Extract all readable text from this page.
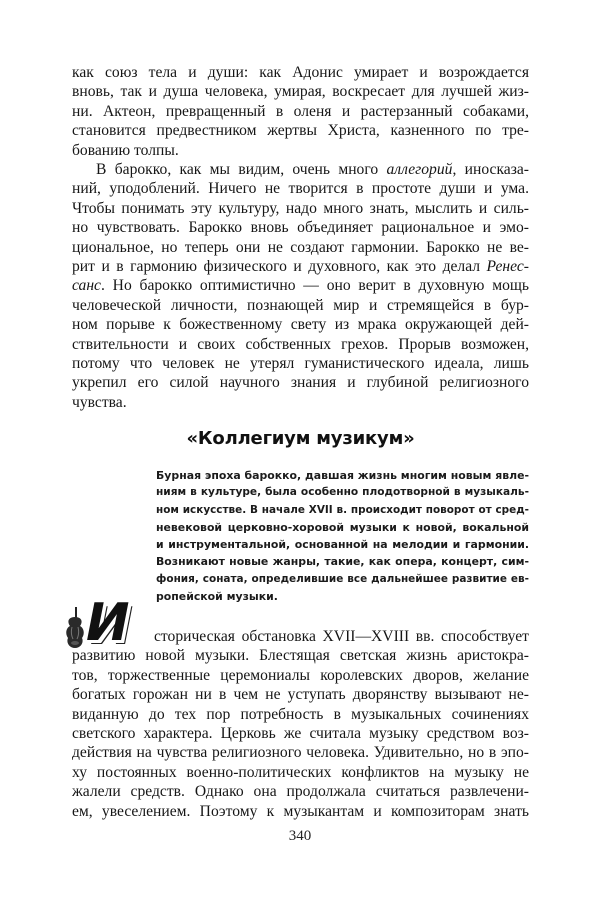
как союз тела и души: как Адонис умирает и возрождается
вновь, так и душа человека, умирая, воскресает для лучшей жиз-
ни. Актеон, превращенный в оленя и растерзанный собаками,
становится предвестником жертвы Христа, казненного по тре-
бованию толпы.
В барокко, как мы видим, очень много аллегорий, иносказа-
ний, уподоблений. Ничего не творится в простоте души и ума.
Чтобы понимать эту культуру, надо много знать, мыслить и силь-
но чувствовать. Барокко вновь объединяет рациональное и эмо-
циональное, но теперь они не создают гармонии. Барокко не ве-
рит и в гармонию физического и духовного, как это делал Ренес-
санс. Но барокко оптимистично — оно верит в духовную мощь
человеческой личности, познающей мир и стремящейся в бур-
ном порыве к божественному свету из мрака окружающей дей-
ствительности и своих собственных грехов. Прорыв возможен,
потому что человек не утерял гуманистического идеала, лишь
укрепил его силой научного знания и глубиной религиозного
чувства.
«Коллегиум музикум»
Бурная эпоха барокко, давшая жизнь многим новым явле-
ниям в культуре, была особенно плодотворной в музыкаль-
ном искусстве. В начале XVII в. происходит поворот от сред-
невековой церковно-хоровой музыки к новой, вокальной
и инструментальной, основанной на мелодии и гармонии.
Возникают новые жанры, такие, как опера, концерт, сим-
фония, соната, определившие все дальнейшее развитие ев-
ропейской музыки.
И	сторическая обстановка XVII—XVIII вв. способствует
развитию новой музыки. Блестящая светская жизнь аристокра-
тов, торжественные церемониалы королевских дворов, желание
богатых горожан ни в чем не уступать дворянству вызывают не-
виданную до тех пор потребность в музыкальных сочинениях
светского характера. Церковь же считала музыку средством воз-
действия на чувства религиозного человека. Удивительно, но в эпо-
ху постоянных военно-политических конфликтов на музыку не
жалели средств. Однако она продолжала считаться развлечени-
ем, увеселением. Поэтому к музыкантам и композиторам знать
340
